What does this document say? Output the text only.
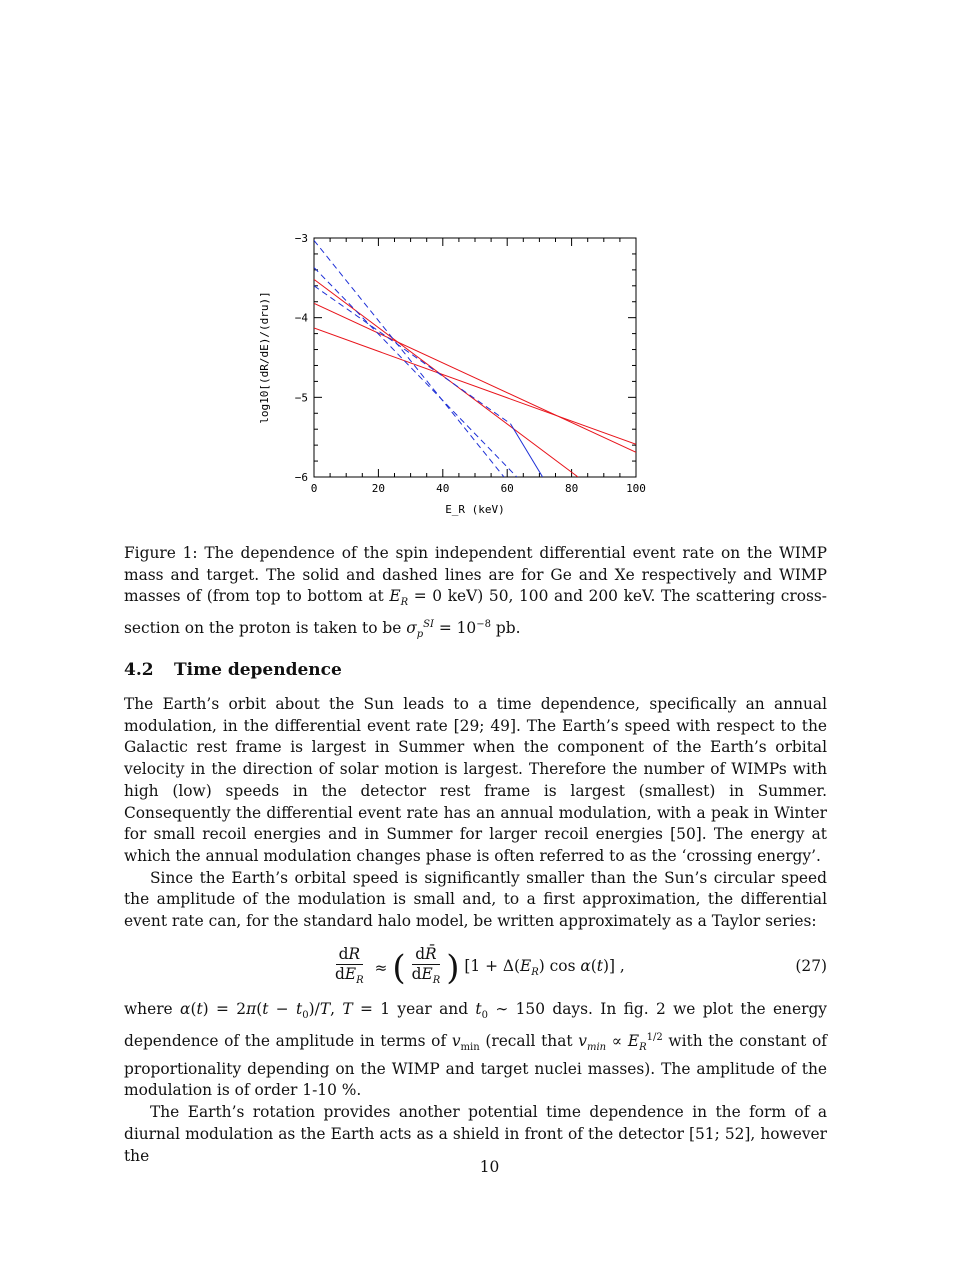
0	20	40	60	80	100
−3
−4
−5
−6
E_R (keV)
log10[(dR/dE)/(dru)]

Figure 1: The dependence of the spin independent differential event rate on the WIMP mass and target. The solid and dashed lines are for Ge and Xe respectively and WIMP masses of (from top to bottom at $E_R = 0$ keV) 50, 100 and 200 keV. The scattering cross-section on the proton is taken to be $\sigma_p^{SI} = 10^{-8}$ pb.

4.2 Time dependence

The Earth’s orbit about the Sun leads to a time dependence, specifically an annual modulation, in the differential event rate [29; 49]. The Earth’s speed with respect to the Galactic rest frame is largest in Summer when the component of the Earth’s orbital velocity in the direction of solar motion is largest. Therefore the number of WIMPs with high (low) speeds in the detector rest frame is largest (smallest) in Summer. Consequently the differential event rate has an annual modulation, with a peak in Winter for small recoil energies and in Summer for larger recoil energies [50]. The energy at which the annual modulation changes phase is often referred to as the ‘crossing energy’.

Since the Earth’s orbital speed is significantly smaller than the Sun’s circular speed the amplitude of the modulation is small and, to a first approximation, the differential event rate can, for the standard halo model, be written approximately as a Taylor series:

$\frac{dR}{dE_R}$ ≈ ( $\frac{dR̄}{dE_R}$ ) [$1 + \Delta(E_R)$ cos α(t)] ,	(27)

where $\alpha(t) = 2\pi(t - t_0)/T$, T = 1 year and $t_0$ ∼ 150 days. In fig. 2 we plot the energy dependence of the amplitude in terms of $v_{min}$ (recall that $v_{min} \propto E_R^{1/2}$ with the constant of proportionality depending on the WIMP and target nuclei masses). The amplitude of the modulation is of order 1-10 %.

The Earth’s rotation provides another potential time dependence in the form of a diurnal modulation as the Earth acts as a shield in front of the detector [51; 52], however the

10
